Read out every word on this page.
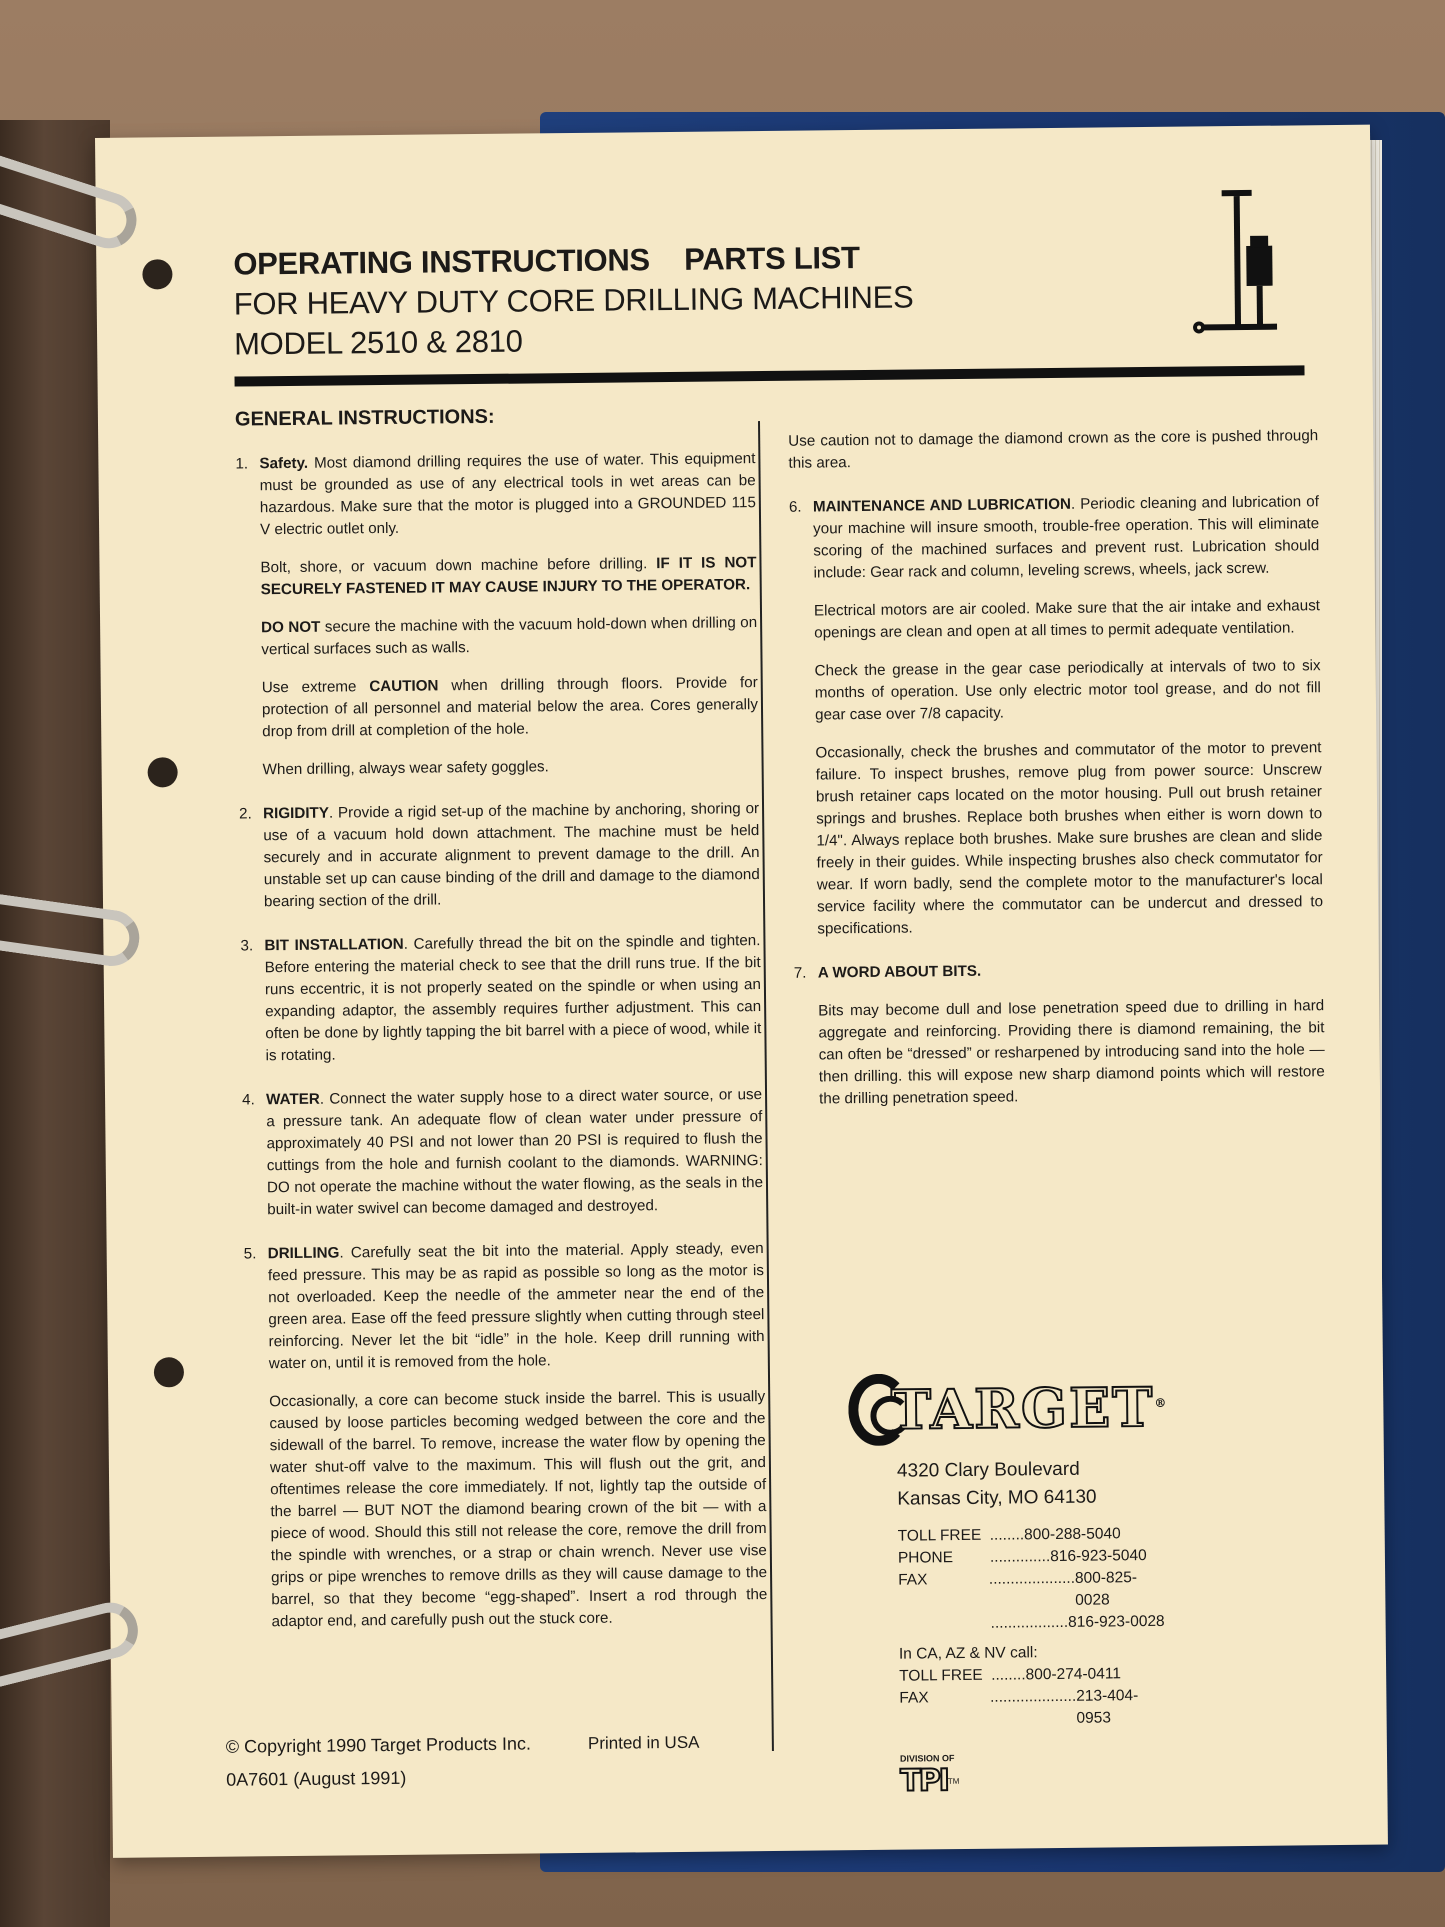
OPERATING INSTRUCTIONS PARTS LIST
FOR HEAVY DUTY CORE DRILLING MACHINES
MODEL 2510 & 2810
GENERAL INSTRUCTIONS:
1. Safety. Most diamond drilling requires the use of water. This equipment must be grounded as use of any electrical tools in wet areas can be hazardous. Make sure that the motor is plugged into a GROUNDED 115 V electric outlet only.
Bolt, shore, or vacuum down machine before drilling. IF IT IS NOT SECURELY FASTENED IT MAY CAUSE INJURY TO THE OPERATOR.
DO NOT secure the machine with the vacuum hold-down when drilling on vertical surfaces such as walls.
Use extreme CAUTION when drilling through floors. Provide for protection of all personnel and material below the area. Cores generally drop from drill at completion of the hole.
When drilling, always wear safety goggles.
2. RIGIDITY. Provide a rigid set-up of the machine by anchoring, shoring or use of a vacuum hold down attachment. The machine must be held securely and in accurate alignment to prevent damage to the drill. An unstable set up can cause binding of the drill and damage to the diamond bearing section of the drill.
3. BIT INSTALLATION. Carefully thread the bit on the spindle and tighten. Before entering the material check to see that the drill runs true. If the bit runs eccentric, it is not properly seated on the spindle or when using an expanding adaptor, the assembly requires further adjustment. This can often be done by lightly tapping the bit barrel with a piece of wood, while it is rotating.
4. WATER. Connect the water supply hose to a direct water source, or use a pressure tank. An adequate flow of clean water under pressure of approximately 40 PSI and not lower than 20 PSI is required to flush the cuttings from the hole and furnish coolant to the diamonds. WARNING: DO not operate the machine without the water flowing, as the seals in the built-in water swivel can become damaged and destroyed.
5. DRILLING. Carefully seat the bit into the material. Apply steady, even feed pressure. This may be as rapid as possible so long as the motor is not overloaded. Keep the needle of the ammeter near the end of the green area. Ease off the feed pressure slightly when cutting through steel reinforcing. Never let the bit “idle” in the hole. Keep drill running with water on, until it is removed from the hole.
Occasionally, a core can become stuck inside the barrel. This is usually caused by loose particles becoming wedged between the core and the sidewall of the barrel. To remove, increase the water flow by opening the water shut-off valve to the maximum. This will flush out the grit, and oftentimes release the core immediately. If not, lightly tap the outside of the barrel — BUT NOT the diamond bearing crown of the bit — with a piece of wood. Should this still not release the core, remove the drill from the spindle with wrenches, or a strap or chain wrench. Never use vise grips or pipe wrenches to remove drills as they will cause damage to the barrel, so that they become “egg-shaped”. Insert a rod through the adaptor end, and carefully push out the stuck core.
Use caution not to damage the diamond crown as the core is pushed through this area.
6. MAINTENANCE AND LUBRICATION. Periodic cleaning and lubrication of your machine will insure smooth, trouble-free operation. This will eliminate scoring of the machined surfaces and prevent rust. Lubrication should include: Gear rack and column, leveling screws, wheels, jack screw.
Electrical motors are air cooled. Make sure that the air intake and exhaust openings are clean and open at all times to permit adequate ventilation.
Check the grease in the gear case periodically at intervals of two to six months of operation. Use only electric motor tool grease, and do not fill gear case over 7/8 capacity.
Occasionally, check the brushes and commutator of the motor to prevent failure. To inspect brushes, remove plug from power source: Unscrew brush retainer caps located on the motor housing. Pull out brush retainer springs and brushes. Replace both brushes when either is worn down to 1/4". Always replace both brushes. Make sure brushes are clean and slide freely in their guides. While inspecting brushes also check commutator for wear. If worn badly, send the complete motor to the manufacturer's local service facility where the commutator can be undercut and dressed to specifications.
7. A WORD ABOUT BITS.
Bits may become dull and lose penetration speed due to drilling in hard aggregate and reinforcing. Providing there is diamond remaining, the bit can often be “dressed” or resharpened by introducing sand into the hole — then drilling. this will expose new sharp diamond points which will restore the drilling penetration speed.
TARGET®
4320 Clary Boulevard
Kansas City, MO 64130
TOLL FREE ........ 800-288-5040
PHONE	.............. 816-923-5040
FAX	.................... 800-825-0028
.................. 816-923-0028
In CA, AZ & NV call:
TOLL FREE ........ 800-274-0411
FAX	.................... 213-404-0953
DIVISION OF
TPI™
© Copyright 1990 Target Products Inc.	Printed in USA
0A7601 (August 1991)
